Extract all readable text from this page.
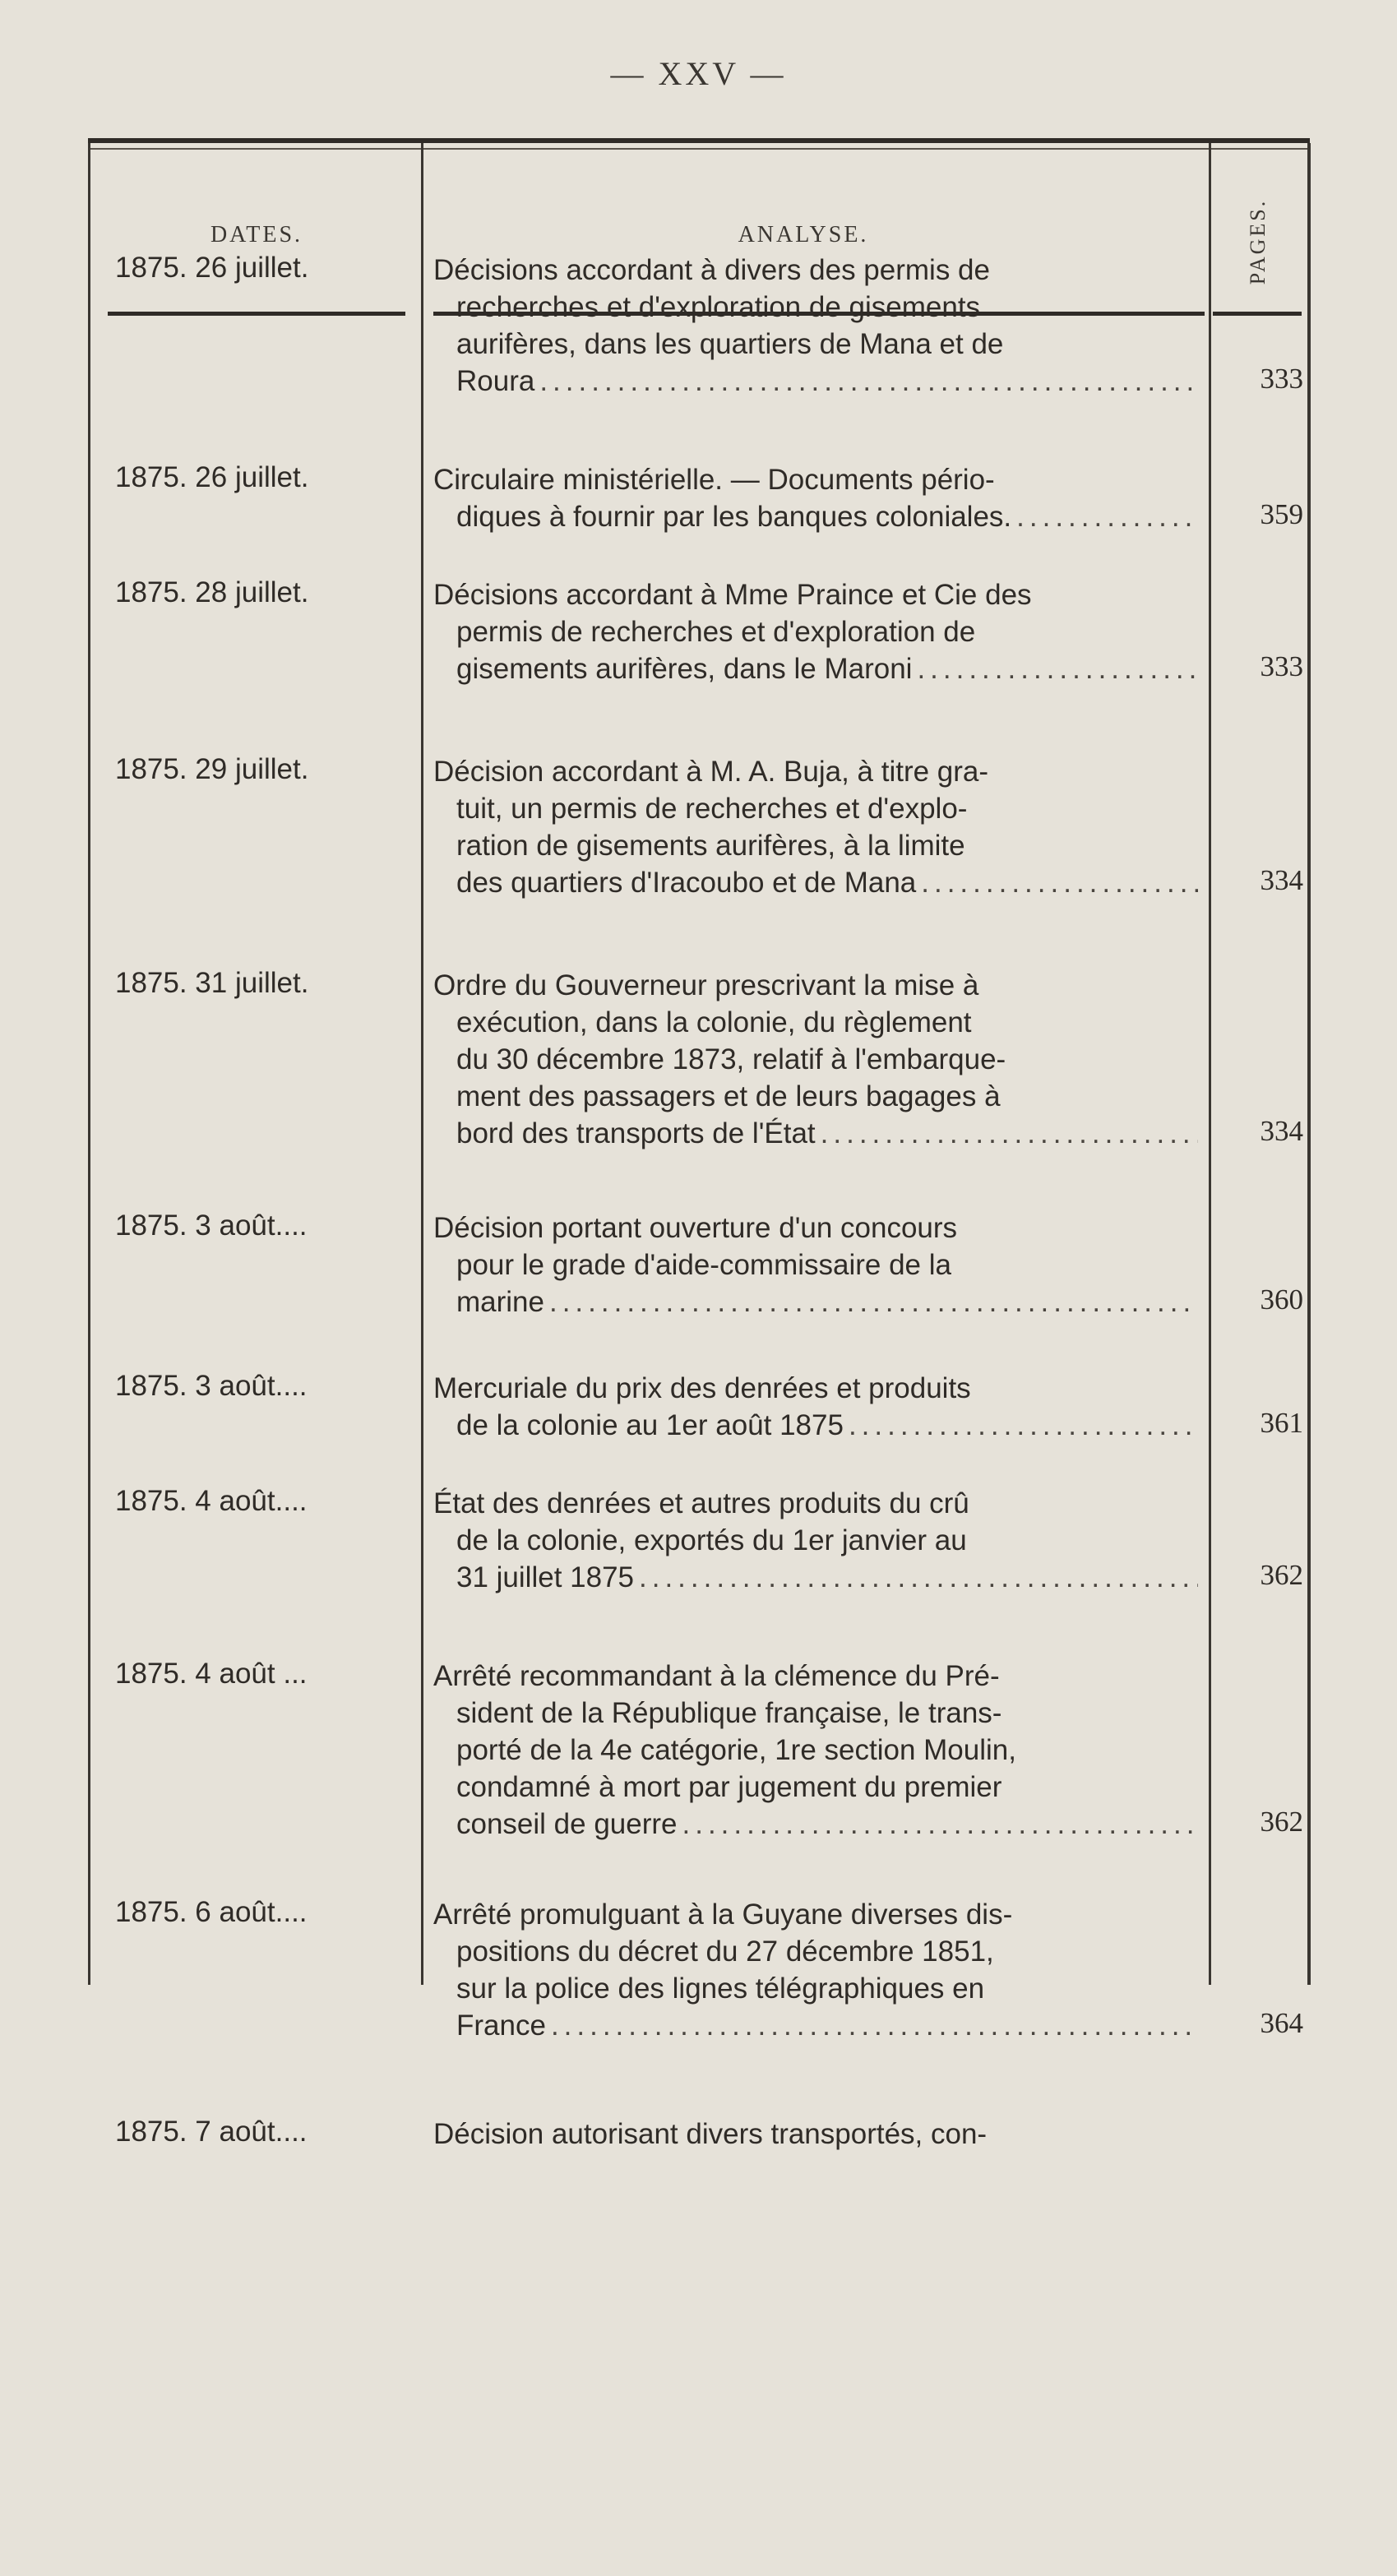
— XXV —
DATES.	ANALYSE.	PAGES.
1875. 26 juillet.	Décisions accordant à divers des permis de
recherches et d'exploration de gisements
aurifères, dans les quartiers de Mana et de
Roura .....	333
1875. 26 juillet.	Circulaire ministérielle. — Documents pério-
diques à fournir par les banques coloniales. .....	359
1875. 28 juillet.	Décisions accordant à Mme Praince et Cie des
permis de recherches et d'exploration de
gisements aurifères, dans le Maroni .....	333
1875. 29 juillet.	Décision accordant à M. A. Buja, à titre gra-
tuit, un permis de recherches et d'explo-
ration de gisements aurifères, à la limite
des quartiers d'Iracoubo et de Mana .....	334
1875. 31 juillet.	Ordre du Gouverneur prescrivant la mise à
exécution, dans la colonie, du règlement
du 30 décembre 1873, relatif à l'embarque-
ment des passagers et de leurs bagages à
bord des transports de l'État .....	334
1875. 3 août....	Décision portant ouverture d'un concours
pour le grade d'aide-commissaire de la
marine .....	360
1875. 3 août....	Mercuriale du prix des denrées et produits
de la colonie au 1er août 1875 .....	361
1875. 4 août....	État des denrées et autres produits du crû
de la colonie, exportés du 1er janvier au
31 juillet 1875 .....	362
1875. 4 août ...	Arrêté recommandant à la clémence du Pré-
sident de la République française, le trans-
porté de la 4e catégorie, 1re section Moulin,
condamné à mort par jugement du premier
conseil de guerre .....	362
1875. 6 août....	Arrêté promulguant à la Guyane diverses dis-
positions du décret du 27 décembre 1851,
sur la police des lignes télégraphiques en
France .....	364
1875. 7 août....	Décision autorisant divers transportés, con-
